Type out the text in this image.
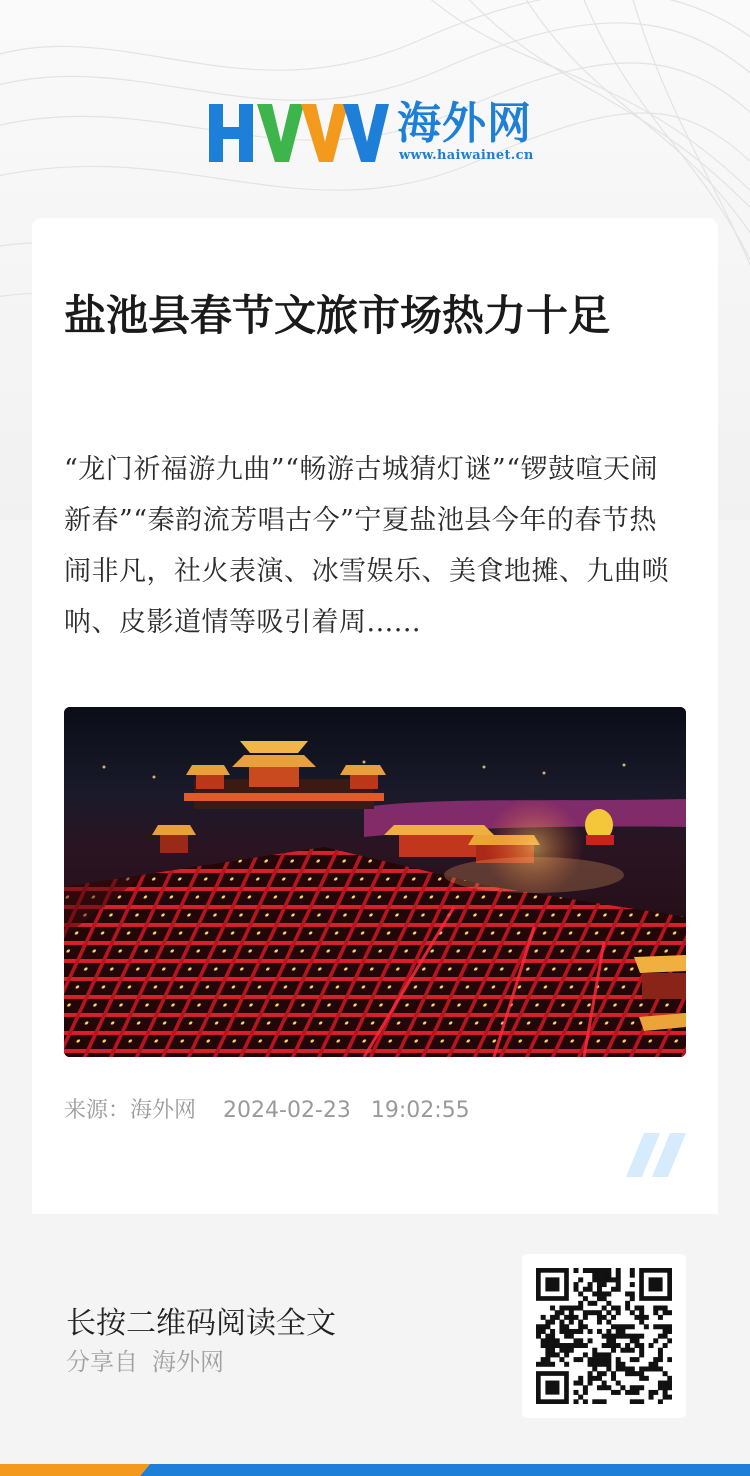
海外网
www.haiwainet.cn
盐池县春节文旅市场热力十足

“龙门祈福游九曲”“畅游古城猜灯谜”“锣鼓喧天闹新春”“秦韵流芳唱古今”宁夏盐池县今年的春节热闹非凡，社火表演、冰雪娱乐、美食地摊、九曲唢呐、皮影道情等吸引着周......

来源：海外网 2024-02-23 19:02:55
长按二维码阅读全文
分享自 海外网
